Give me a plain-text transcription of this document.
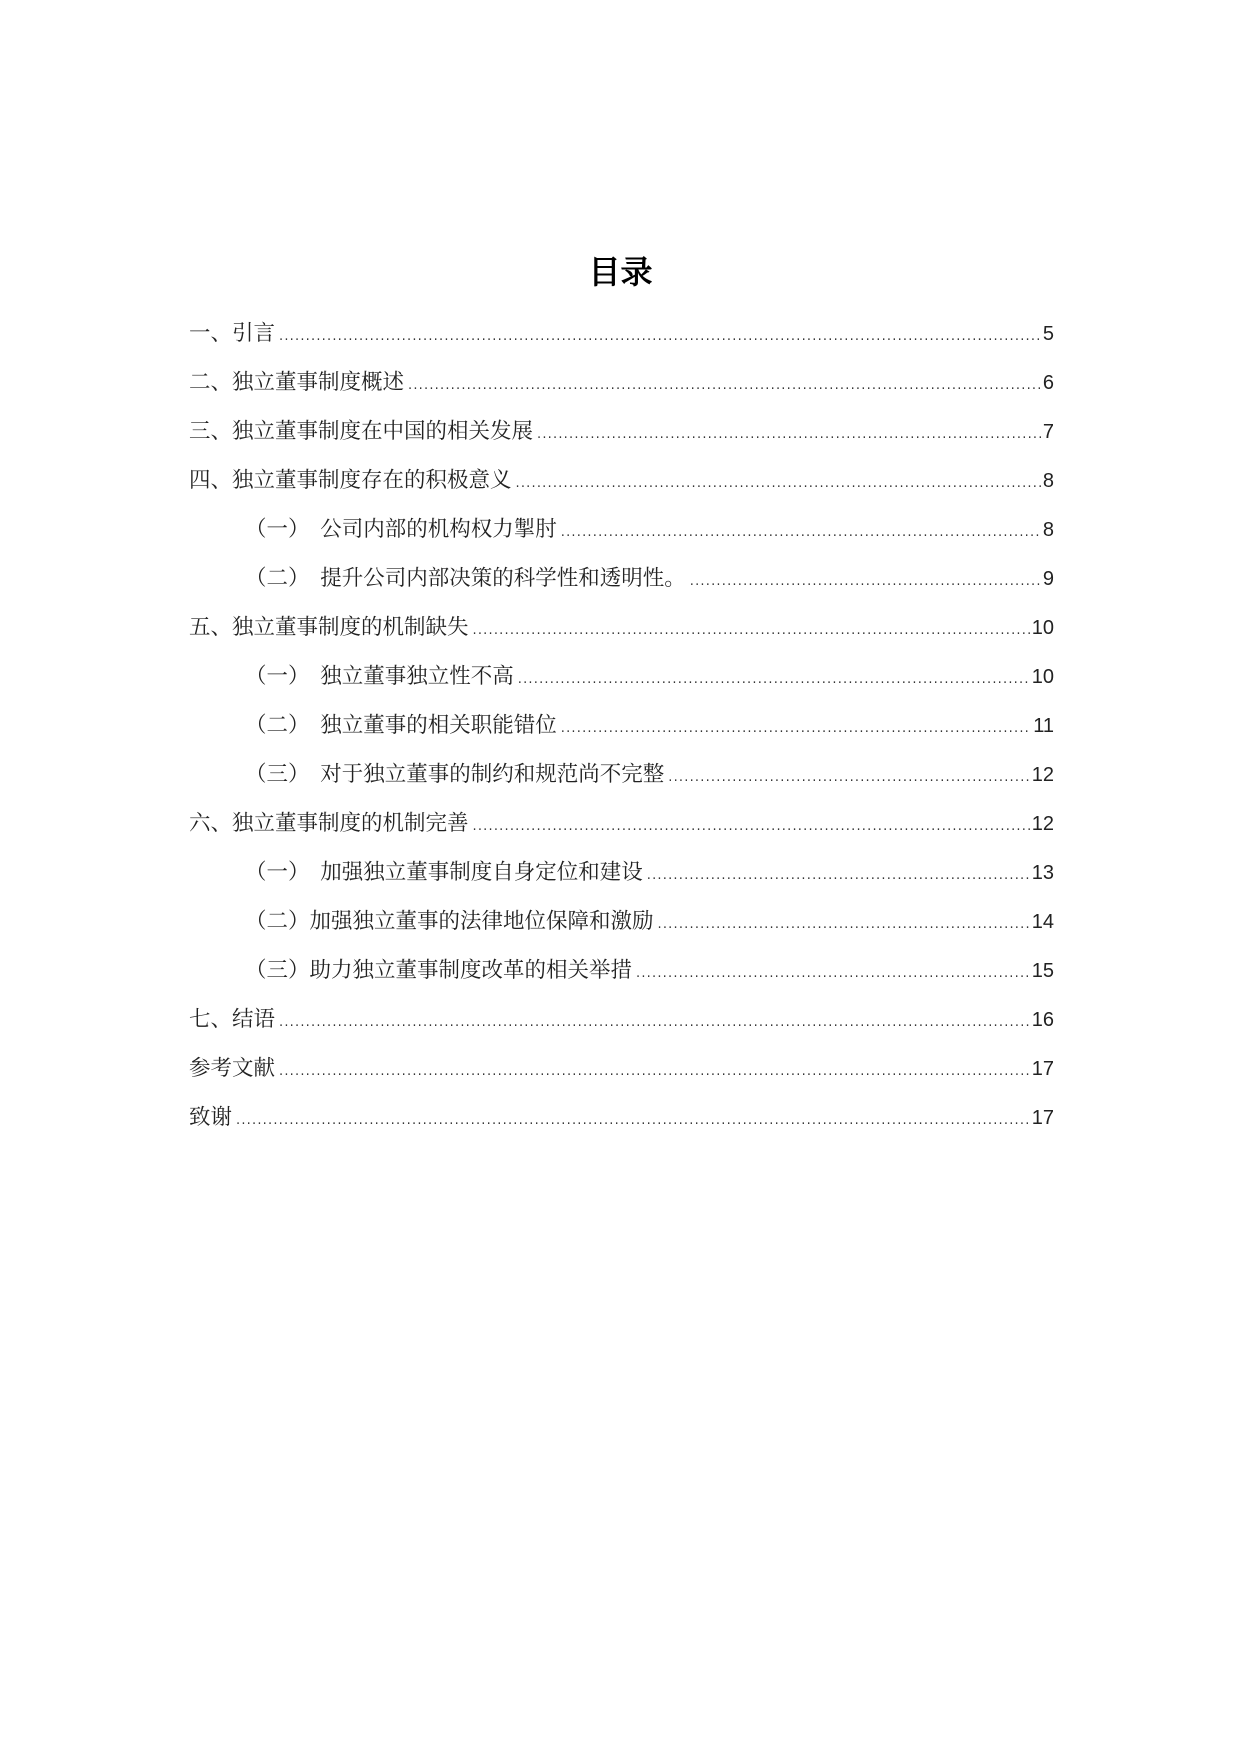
目录
一、引言 .....	5
二、独立董事制度概述 .....	6
三、独立董事制度在中国的相关发展 .....	7
四、独立董事制度存在的积极意义 .....	8
（一）　公司内部的机构权力掣肘 .....	8
（二）　提升公司内部决策的科学性和透明性。 .....	9
五、独立董事制度的机制缺失 .....	10
（一）　独立董事独立性不高 .....	10
（二）　独立董事的相关职能错位 .....	11
（三）　对于独立董事的制约和规范尚不完整 .....	12
六、独立董事制度的机制完善 .....	12
（一）　加强独立董事制度自身定位和建设 .....	13
（二）加强独立董事的法律地位保障和激励 .....	14
（三）助力独立董事制度改革的相关举措 .....	15
七、结语 .....	16
参考文献 .....	17
致谢 .....	17
